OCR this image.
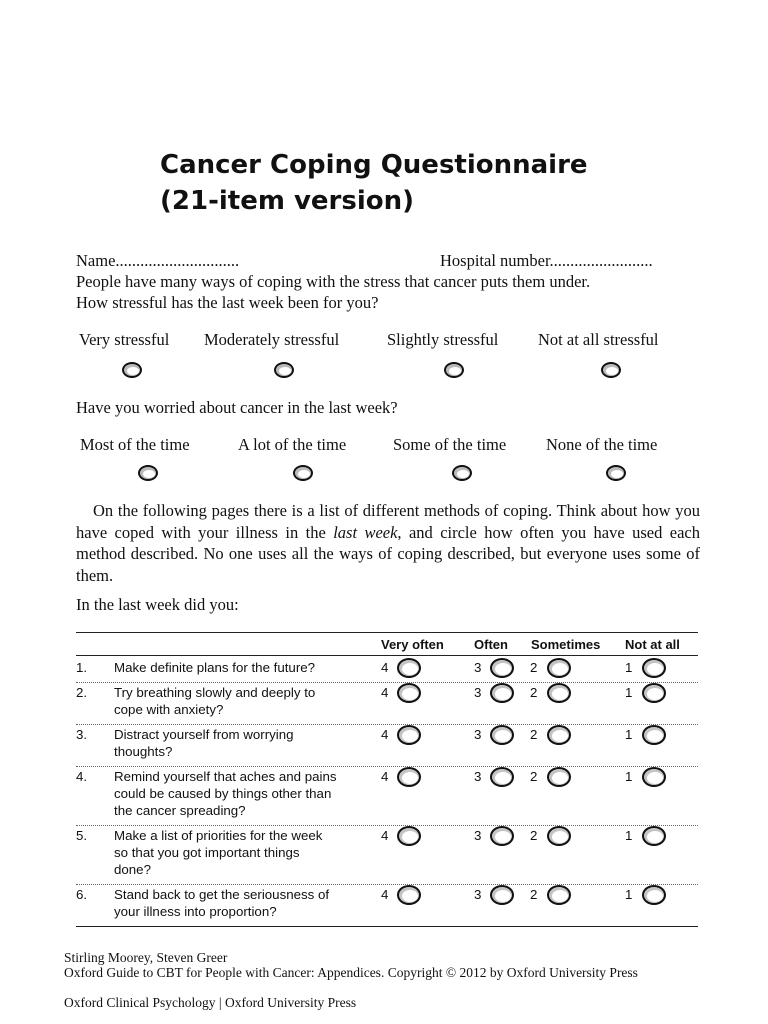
Cancer Coping Questionnaire
(21-item version)
Name..............................	Hospital number.........................
People have many ways of coping with the stress that cancer puts them under.
How stressful has the last week been for you?
Very stressful Moderately stressful	Slightly stressful Not at all stressful
Have you worried about cancer in the last week?
Most of the time	A lot of the time	Some of the time None of the time
On the following pages there is a list of different methods of coping. Think about how you have coped with your illness in the last week, and circle how often you have used each method described. No one uses all the ways of coping described, but everyone uses some of them.
In the last week did you:
Very often Often Sometimes Not at all
1. Make definite plans for the future?	4	3	2	1
2. Try breathing slowly and deeply to
cope with anxiety?
4	3	2	1
3. Distract yourself from worrying
thoughts?
4	3	2	1
4. Remind yourself that aches and pains
could be caused by things other than
the cancer spreading?
4	3	2	1
5. Make a list of priorities for the week
so that you got important things
done?
4	3	2	1
6. Stand back to get the seriousness of
your illness into proportion?
4	3	2	1
Stirling Moorey, Steven Greer
Oxford Guide to CBT for People with Cancer: Appendices. Copyright © 2012 by Oxford University Press
Oxford Clinical Psychology | Oxford University Press
